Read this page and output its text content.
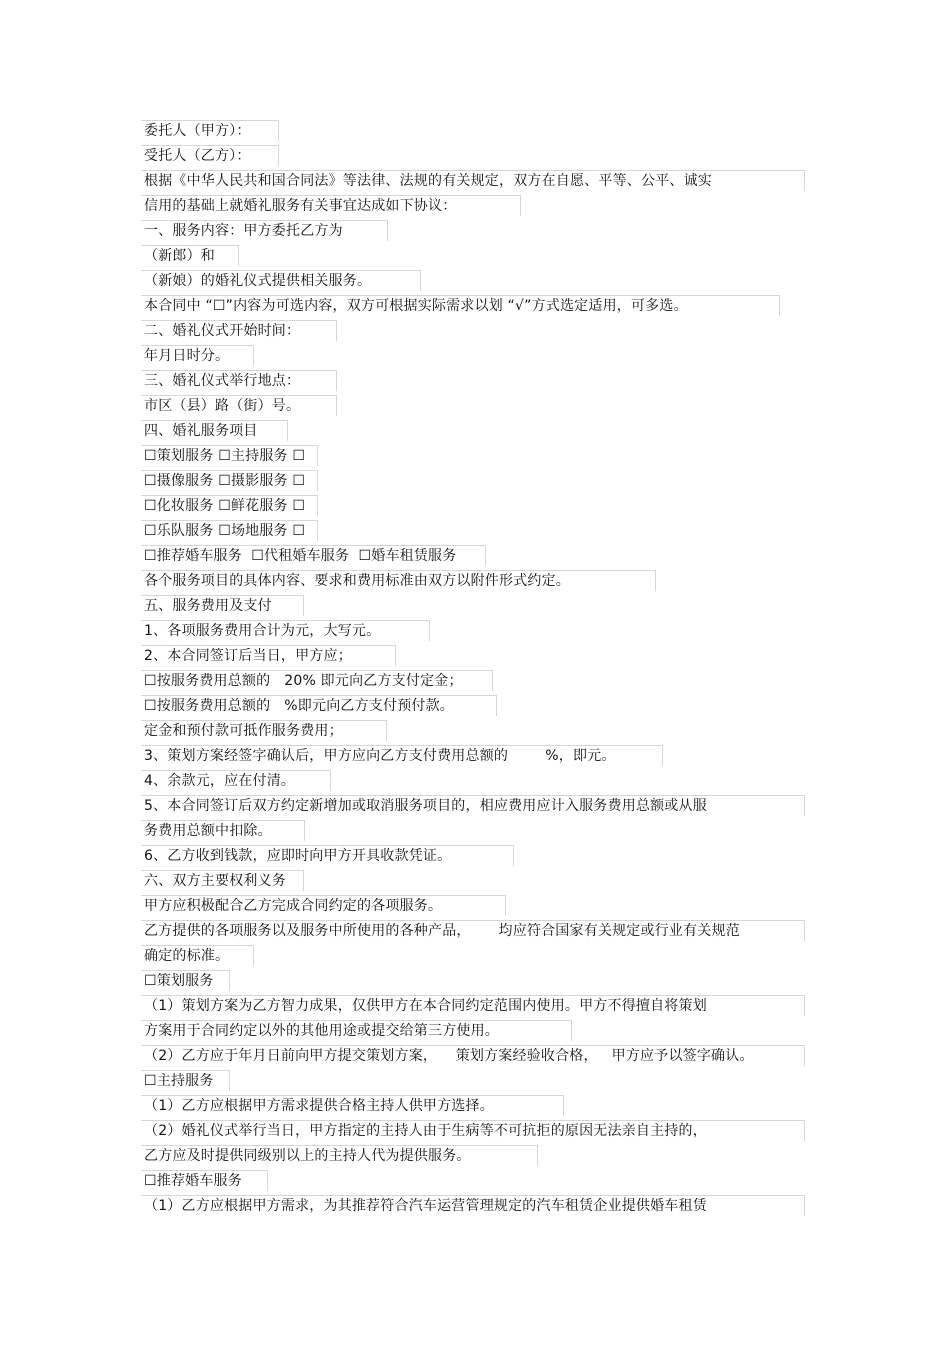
委托人（甲方）：
受托人（乙方）：
根据《中华人民共和国合同法》等法律、法规的有关规定，双方在自愿、平等、公平、诚实
信用的基础上就婚礼服务有关事宜达成如下协议：
一、服务内容：甲方委托乙方为
（新郎）和
（新娘）的婚礼仪式提供相关服务。
本合同中 “☐”内容为可选内容，双方可根据实际需求以划 “√”方式选定适用，可多选。
二、婚礼仪式开始时间：
年月日时分。
三、婚礼仪式举行地点：
市区（县）路（街）号。
四、婚礼服务项目
☐策划服务 ☐主持服务 ☐
☐摄像服务 ☐摄影服务 ☐
☐化妆服务 ☐鲜花服务 ☐
☐乐队服务 ☐场地服务 ☐
☐推荐婚车服务  ☐代租婚车服务  ☐婚车租赁服务
各个服务项目的具体内容、要求和费用标准由双方以附件形式约定。
五、服务费用及支付
1、各项服务费用合计为元，大写元。
2、本合同签订后当日，甲方应；
☐按服务费用总额的   20% 即元向乙方支付定金；
☐按服务费用总额的   %即元向乙方支付预付款。
定金和预付款可抵作服务费用；
3、策划方案经签字确认后，甲方应向乙方支付费用总额的        %，即元。
4、余款元，应在付清。
5、本合同签订后双方约定新增加或取消服务项目的，相应费用应计入服务费用总额或从服
务费用总额中扣除。
6、乙方收到钱款，应即时向甲方开具收款凭证。
六、双方主要权利义务
甲方应积极配合乙方完成合同约定的各项服务。
乙方提供的各项服务以及服务中所使用的各种产品，      均应符合国家有关规定或行业有关规范
确定的标准。
☐策划服务
（1）策划方案为乙方智力成果，仅供甲方在本合同约定范围内使用。甲方不得擅自将策划
方案用于合同约定以外的其他用途或提交给第三方使用。
（2）乙方应于年月日前向甲方提交策划方案，    策划方案经验收合格，   甲方应予以签字确认。
☐主持服务
（1）乙方应根据甲方需求提供合格主持人供甲方选择。
（2）婚礼仪式举行当日，甲方指定的主持人由于生病等不可抗拒的原因无法亲自主持的，
乙方应及时提供同级别以上的主持人代为提供服务。
☐推荐婚车服务
（1）乙方应根据甲方需求，为其推荐符合汽车运营管理规定的汽车租赁企业提供婚车租赁
